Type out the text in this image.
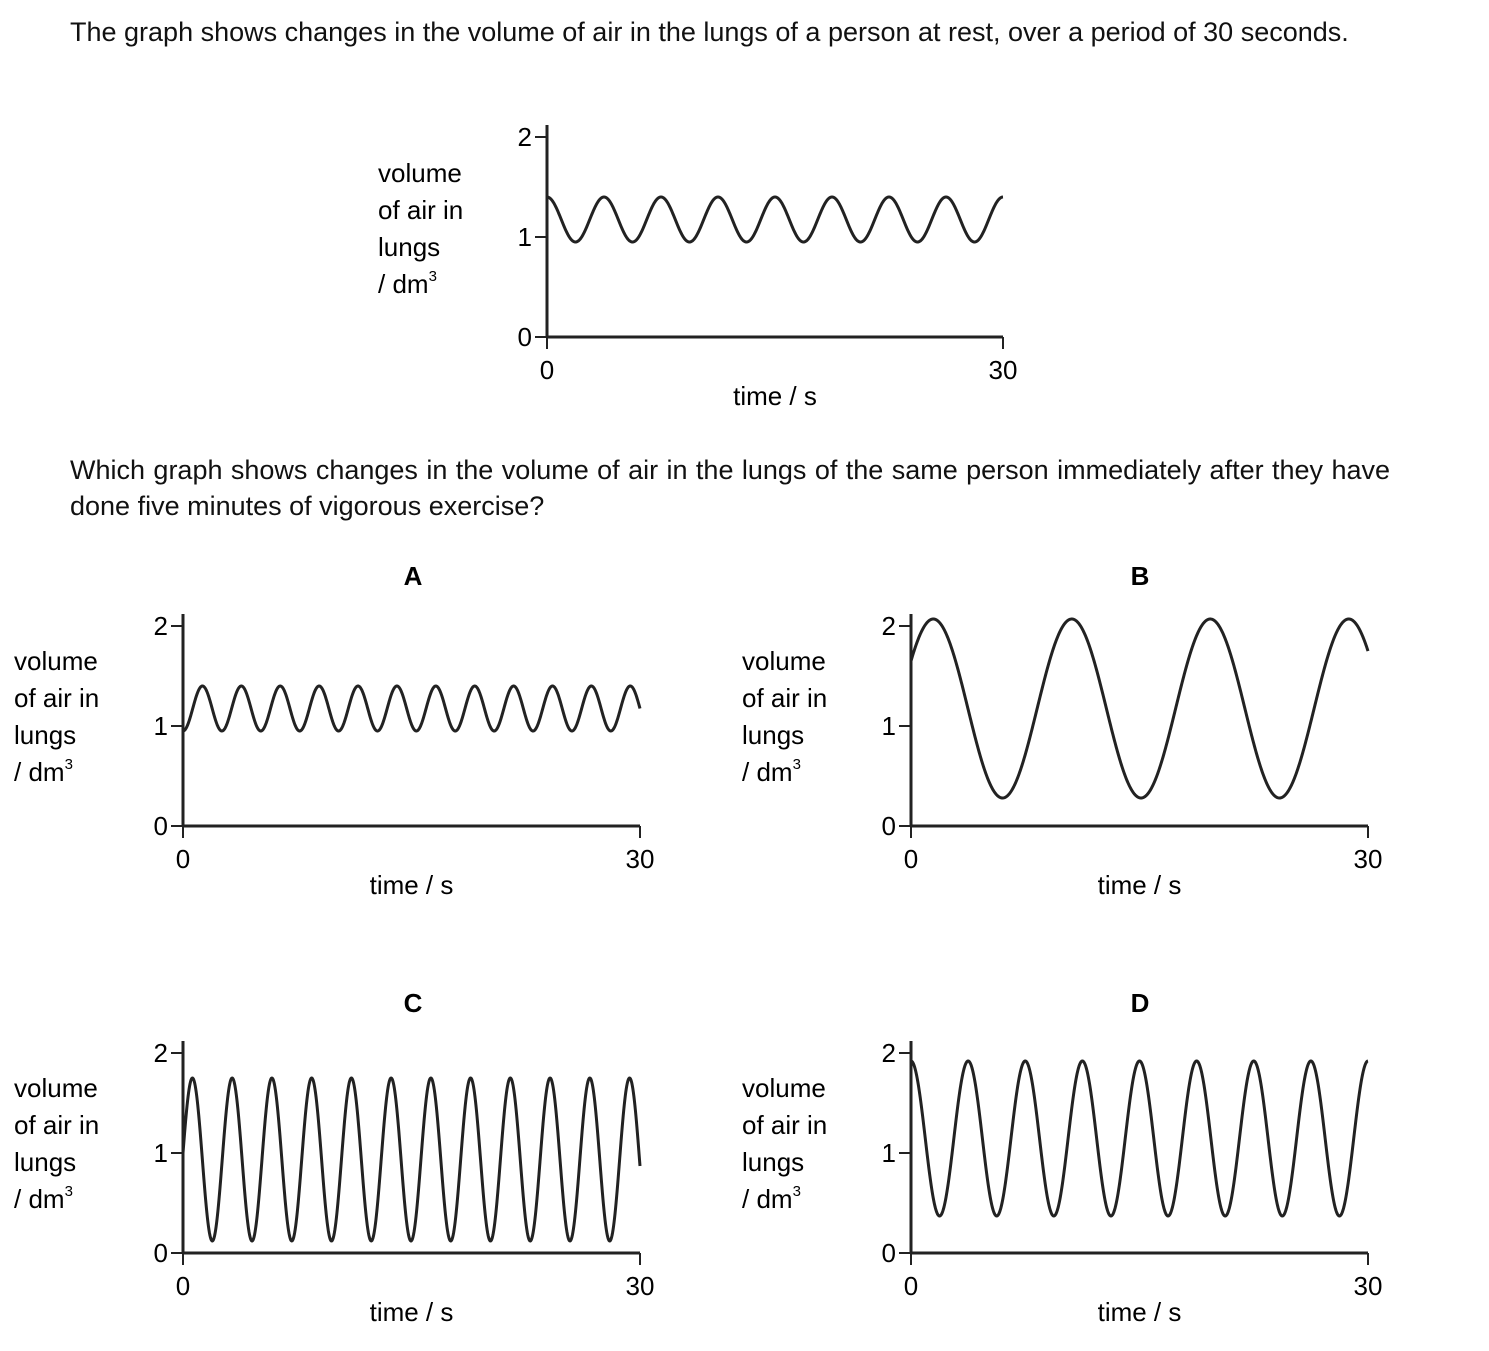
The graph shows changes in the volume of air in the lungs of a person at rest, over a period of 30 seconds.
Which graph shows changes in the volume of air in the lungs of the same person immediately after they have done five minutes of vigorous exercise?
volume
of air in
lungs
/ $dm^3$
0
1
2
0	30
time / s
A
volume
of air in
lungs
/ $dm^3$
0
1
2
0	30
time / s
B
volume
of air in
lungs
/ $dm^3$
0
1
2
0	30
time / s
C
volume
of air in
lungs
/ $dm^3$
0
1
2
0	30
time / s
D
volume
of air in
lungs
/ $dm^3$
0
1
2
0	30
time / s
